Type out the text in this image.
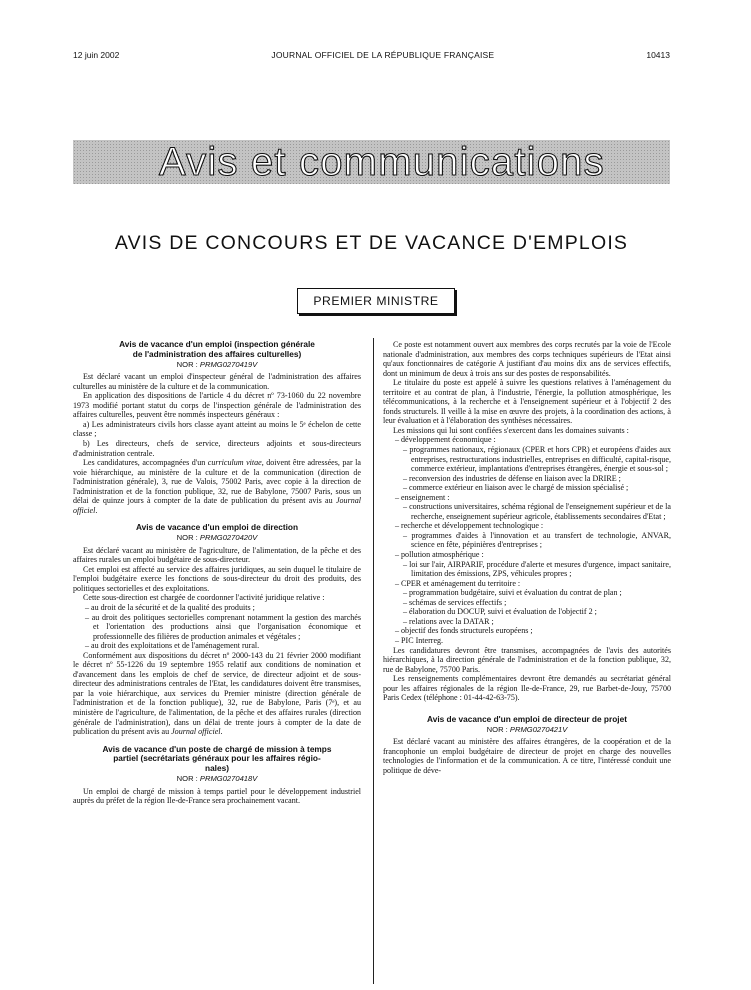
12 juin 2002	JOURNAL OFFICIEL DE LA RÉPUBLIQUE FRANÇAISE	10413
Avis et communications
AVIS DE CONCOURS ET DE VACANCE D'EMPLOIS
PREMIER MINISTRE
Avis de vacance d'un emploi (inspection générale
de l'administration des affaires culturelles)
NOR : PRMG0270419V

Est déclaré vacant un emploi d'inspecteur général de l'administration des affaires culturelles au ministère de la culture et de la communication.

En application des dispositions de l'article 4 du décret nº 73-1060 du 22 novembre 1973 modifié portant statut du corps de l'inspection générale de l'administration des affaires culturelles, peuvent être nommés inspecteurs généraux :

a) Les administrateurs civils hors classe ayant atteint au moins le 5ᵉ échelon de cette classe ;

b) Les directeurs, chefs de service, directeurs adjoints et sous-directeurs d'administration centrale.

Les candidatures, accompagnées d'un curriculum vitae, doivent être adressées, par la voie hiérarchique, au ministère de la culture et de la communication (direction de l'administration générale), 3, rue de Valois, 75002 Paris, avec copie à la direction de l'administration et de la fonction publique, 32, rue de Babylone, 75007 Paris, sous un délai de quinze jours à compter de la date de publication du présent avis au Journal officiel.

Avis de vacance d'un emploi de direction
NOR : PRMG0270420V

Est déclaré vacant au ministère de l'agriculture, de l'alimentation, de la pêche et des affaires rurales un emploi budgétaire de sous-directeur.

Cet emploi est affecté au service des affaires juridiques, au sein duquel le titulaire de l'emploi budgétaire exerce les fonctions de sous-directeur du droit des produits, des politiques sectorielles et des exploitations.

Cette sous-direction est chargée de coordonner l'activité juridique relative :

– au droit de la sécurité et de la qualité des produits ;
– au droit des politiques sectorielles comprenant notamment la gestion des marchés et l'orientation des productions ainsi que l'organisation économique et professionnelle des filières de production animales et végétales ;
– au droit des exploitations et de l'aménagement rural.

Conformément aux dispositions du décret nº 2000-143 du 21 février 2000 modifiant le décret nº 55-1226 du 19 septembre 1955 relatif aux conditions de nomination et d'avancement dans les emplois de chef de service, de directeur adjoint et de sous-directeur des administrations centrales de l'Etat, les candidatures doivent être transmises, par la voie hiérarchique, aux services du Premier ministre (direction générale de l'administration et de la fonction publique), 32, rue de Babylone, Paris (7ᵉ), et au ministère de l'agriculture, de l'alimentation, de la pêche et des affaires rurales (direction générale de l'administration), dans un délai de trente jours à compter de la date de publication du présent avis au Journal officiel.

Avis de vacance d'un poste de chargé de mission à temps
partiel (secrétariats généraux pour les affaires régio-
nales)
NOR : PRMG0270418V

Un emploi de chargé de mission à temps partiel pour le développement industriel auprès du préfet de la région Ile-de-France sera prochainement vacant.

Ce poste est notamment ouvert aux membres des corps recrutés par la voie de l'Ecole nationale d'administration, aux membres des corps techniques supérieurs de l'Etat ainsi qu'aux fonctionnaires de catégorie A justifiant d'au moins dix ans de services effectifs, dont un minimum de deux à trois ans sur des postes de responsabilités.

Le titulaire du poste est appelé à suivre les questions relatives à l'aménagement du territoire et au contrat de plan, à l'industrie, l'énergie, la pollution atmosphérique, les télécommunications, à la recherche et à l'enseignement supérieur et à l'objectif 2 des fonds structurels. Il veille à la mise en œuvre des projets, à la coordination des actions, à leur évaluation et à l'élaboration des synthèses nécessaires.

Les missions qui lui sont confiées s'exercent dans les domaines suivants :

– développement économique :
– programmes nationaux, régionaux (CPER et hors CPR) et européens d'aides aux entreprises, restructurations industrielles, entreprises en difficulté, capital-risque, commerce extérieur, implantations d'entreprises étrangères, énergie et sous-sol ;
– reconversion des industries de défense en liaison avec la DRIRE ;
– commerce extérieur en liaison avec le chargé de mission spécialisé ;
– enseignement :
– constructions universitaires, schéma régional de l'enseignement supérieur et de la recherche, enseignement supérieur agricole, établissements secondaires d'Etat ;
– recherche et développement technologique :
– programmes d'aides à l'innovation et au transfert de technologie, ANVAR, science en fête, pépinières d'entreprises ;
– pollution atmosphérique :
– loi sur l'air, AIRPARIF, procédure d'alerte et mesures d'urgence, impact sanitaire, limitation des émissions, ZPS, véhicules propres ;
– CPER et aménagement du territoire :
– programmation budgétaire, suivi et évaluation du contrat de plan ;
– schémas de services effectifs ;
– élaboration du DOCUP, suivi et évaluation de l'objectif 2 ;
– relations avec la DATAR ;
– objectif des fonds structurels européens ;
– PIC Interreg.

Les candidatures devront être transmises, accompagnées de l'avis des autorités hiérarchiques, à la direction générale de l'administration et de la fonction publique, 32, rue de Babylone, 75700 Paris.

Les renseignements complémentaires devront être demandés au secrétariat général pour les affaires régionales de la région Ile-de-France, 29, rue Barbet-de-Jouy, 75700 Paris Cedex (téléphone : 01-44-42-63-75).

Avis de vacance d'un emploi de directeur de projet
NOR : PRMG0270421V

Est déclaré vacant au ministère des affaires étrangères, de la coopération et de la francophonie un emploi budgétaire de directeur de projet en charge des nouvelles technologies de l'information et de la communication. A ce titre, l'intéressé conduit une politique de déve-
